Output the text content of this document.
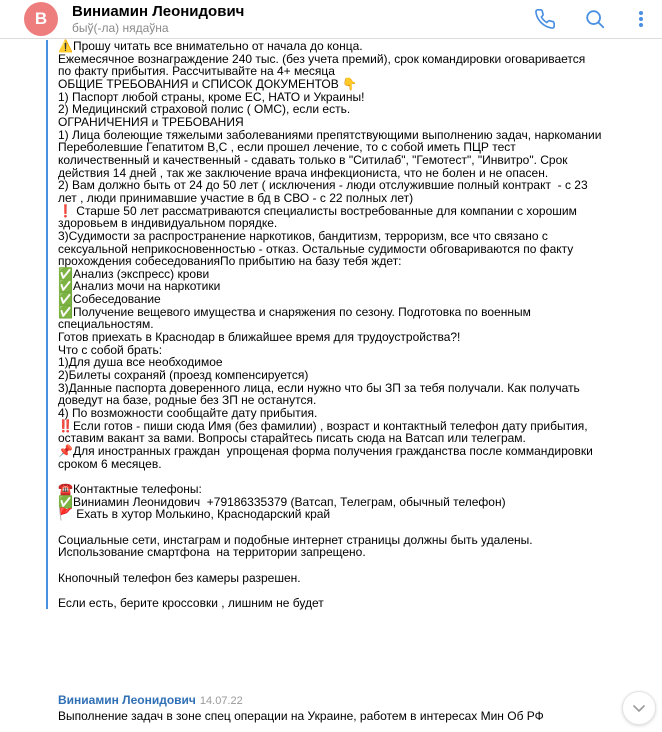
В	Виниамин Леонидович
быў(-ла) нядаўна
⚠️Прошу читать все внимательно от начала до конца.
Ежемесячное вознаграждение 240 тыс. (без учета премий), срок командировки оговаривается
по факту прибытия. Рассчитывайте на 4+ месяца
ОБЩИЕ ТРЕБОВАНИЯ и СПИСОК ДОКУМЕНТОВ 👇
1) Паспорт любой страны, кроме ЕС, НАТО и Украины!
2) Медицинский страховой полис ( ОМС), если есть.
ОГРАНИЧЕНИЯ и ТРЕБОВАНИЯ
1) Лица болеющие тяжелыми заболеваниями препятствующими выполнению задач, наркомании
Переболевшие Гепатитом В,С , если прошел лечение, то с собой иметь ПЦР тест
количественный и качественный - сдавать только в "Ситилаб", "Гемотест", "Инвитро". Срок
действия 14 дней , так же заключение врача инфекциониста, что не болен и не опасен.
2) Вам должно быть от 24 до 50 лет ( исключения - люди отслужившие полный контракт  - с 23
лет , люди принимавшие участие в бд в СВО - с 22 полных лет)
❗️ Старше 50 лет рассматриваются специалисты востребованные для компании с хорошим
здоровьем в индивидуальном порядке.
3)Судимости за распространение наркотиков, бандитизм, терроризм, все что связано с
сексуальной неприкосновенностью - отказ. Остальные судимости обговариваются по факту
прохождения собеседованияПо прибытию на базу тебя ждет:
✅Анализ (экспресс) крови
✅Анализ мочи на наркотики
✅Собеседование
✅Получение вещевого имущества и снаряжения по сезону. Подготовка по военным
специальностям.
Готов приехать в Краснодар в ближайшее время для трудоустройства?!
Что с собой брать:
1)Для душа все необходимое
2)Билеты сохраняй (проезд компенсируется)
3)Данные паспорта доверенного лица, если нужно что бы ЗП за тебя получали. Как получать
доведут на базе, родные без ЗП не останутся.
4) По возможности сообщайте дату прибытия.
‼️Если готов - пиши сюда Имя (без фамилии) , возраст и контактный телефон дату прибытия,
оставим вакант за вами. Вопросы старайтесь писать сюда на Ватсап или телеграм.
📌Для иностранных граждан  упрощеная форма получения гражданства после коммандировки
сроком 6 месяцев.
☎️Контактные телефоны:
✅Виниамин Леонидович  +79186335379 (Ватсап, Телеграм, обычный телефон)
🚩 Ехать в хутор Молькино, Краснодарский край
Социальные сети, инстаграм и подобные интернет страницы должны быть удалены.
Использование смартфона  на территории запрещено.
Кнопочный телефон без камеры разрешен.
Если есть, берите кроссовки , лишним не будет
Виниамин Леонидович 14.07.22
Выполнение задач в зоне спец операции на Украине, работем в интересах Мин Об РФ
